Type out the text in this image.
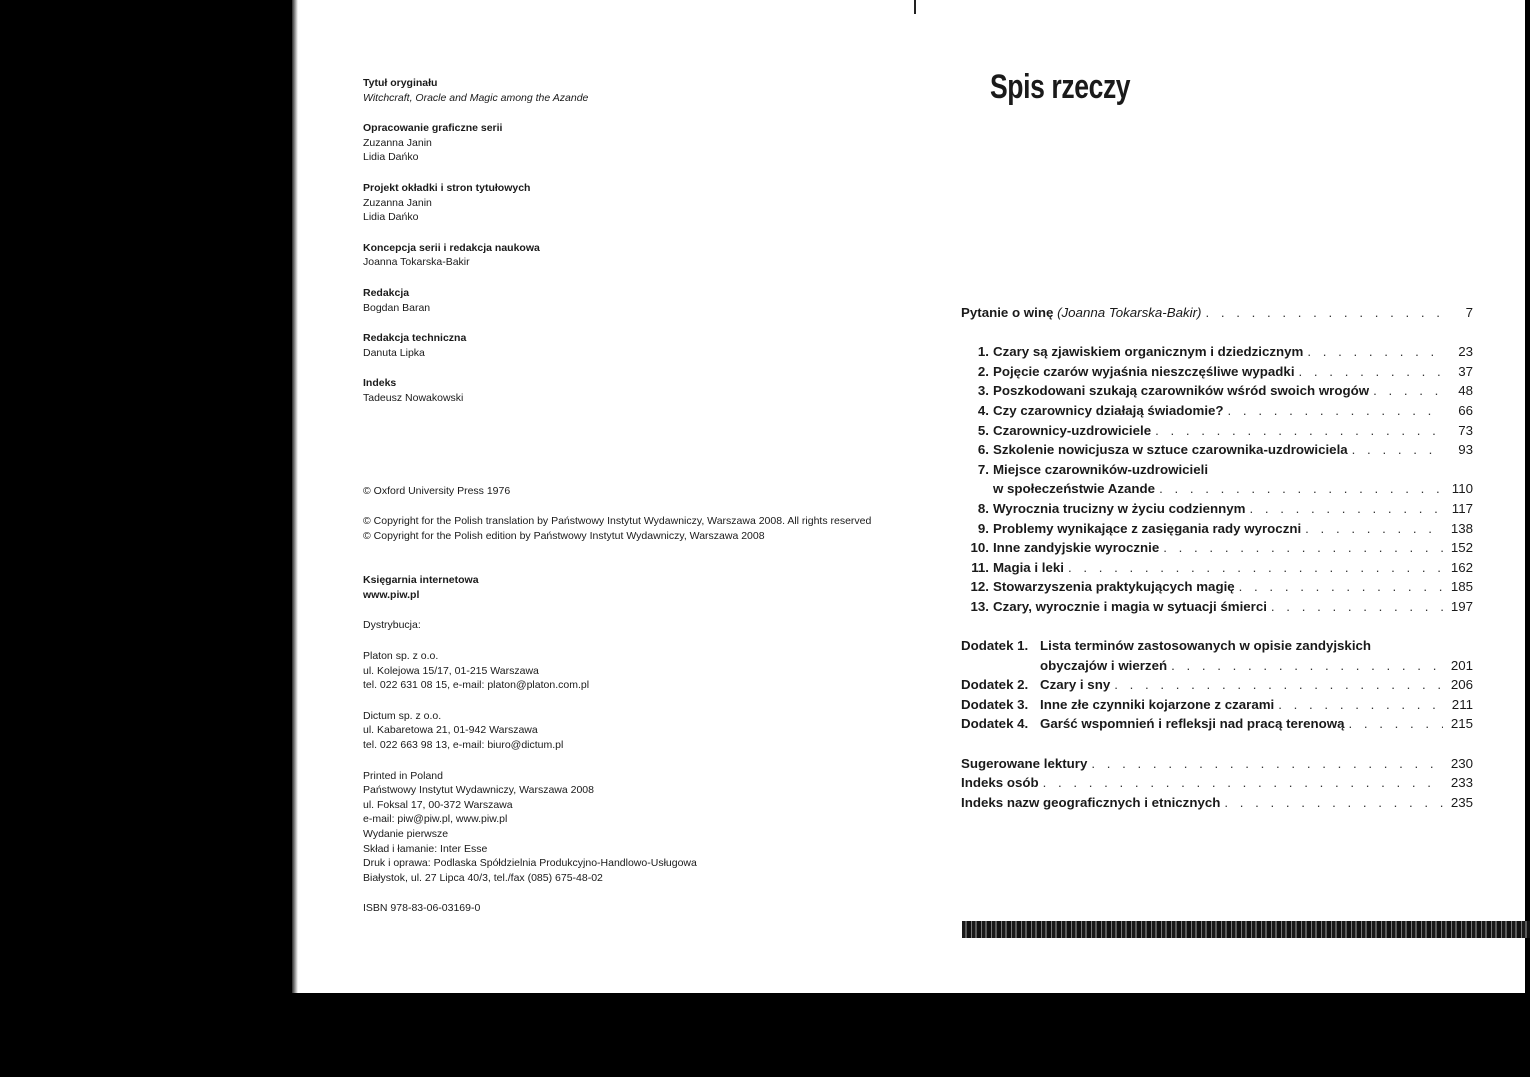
Tytuł oryginału
Witchcraft, Oracle and Magic among the Azande
Opracowanie graficzne serii
Zuzanna Janin
Lidia Dańko
Projekt okładki i stron tytułowych
Zuzanna Janin
Lidia Dańko
Koncepcja serii i redakcja naukowa
Joanna Tokarska-Bakir
Redakcja
Bogdan Baran
Redakcja techniczna
Danuta Lipka
Indeks
Tadeusz Nowakowski
© Oxford University Press 1976
© Copyright for the Polish translation by Państwowy Instytut Wydawniczy, Warszawa 2008. All rights reserved
© Copyright for the Polish edition by Państwowy Instytut Wydawniczy, Warszawa 2008
Księgarnia internetowa
www.piw.pl
Dystrybucja:
Platon sp. z o.o.
ul. Kolejowa 15/17, 01-215 Warszawa
tel. 022 631 08 15, e-mail: platon@platon.com.pl
Dictum sp. z o.o.
ul. Kabaretowa 21, 01-942 Warszawa
tel. 022 663 98 13, e-mail: biuro@dictum.pl
Printed in Poland
Państwowy Instytut Wydawniczy, Warszawa 2008
ul. Foksal 17, 00-372 Warszawa
e-mail: piw@piw.pl, www.piw.pl
Wydanie pierwsze
Skład i łamanie: Inter Esse
Druk i oprawa: Podlaska Spółdzielnia Produkcyjno-Handlowo-Usługowa
Białystok, ul. 27 Lipca 40/3, tel./fax (085) 675-48-02
ISBN 978-83-06-03169-0
Spis rzeczy
Pytanie o winę (Joanna Tokarska-Bakir) . . .	7
1. Czary są zjawiskiem organicznym i dziedzicznym . . .	23
2. Pojęcie czarów wyjaśnia nieszczęśliwe wypadki . . .	37
3. Poszkodowani szukają czarowników wśród swoich wrogów . . .	48
4. Czy czarownicy działają świadomie? . . .	66
5. Czarownicy-uzdrowiciele . . .	73
6. Szkolenie nowicjusza w sztuce czarownika-uzdrowiciela . . .	93
7. Miejsce czarowników-uzdrowicieli
w społeczeństwie Azande . . .	110
8. Wyrocznia trucizny w życiu codziennym . . .	117
9. Problemy wynikające z zasięgania rady wyroczni . . .	138
10. Inne zandyjskie wyrocznie . . .	152
11. Magia i leki . . .	162
12. Stowarzyszenia praktykujących magię . . .	185
13. Czary, wyrocznie i magia w sytuacji śmierci . . .	197
Dodatek 1. Lista terminów zastosowanych w opisie zandyjskich
obyczajów i wierzeń . . .	201
Dodatek 2. Czary i sny . . .	206
Dodatek 3. Inne złe czynniki kojarzone z czarami . . .	211
Dodatek 4. Garść wspomnień i refleksji nad pracą terenową . . .	215
Sugerowane lektury . . .	230
Indeks osób . . .	233
Indeks nazw geograficznych i etnicznych . . .	235
